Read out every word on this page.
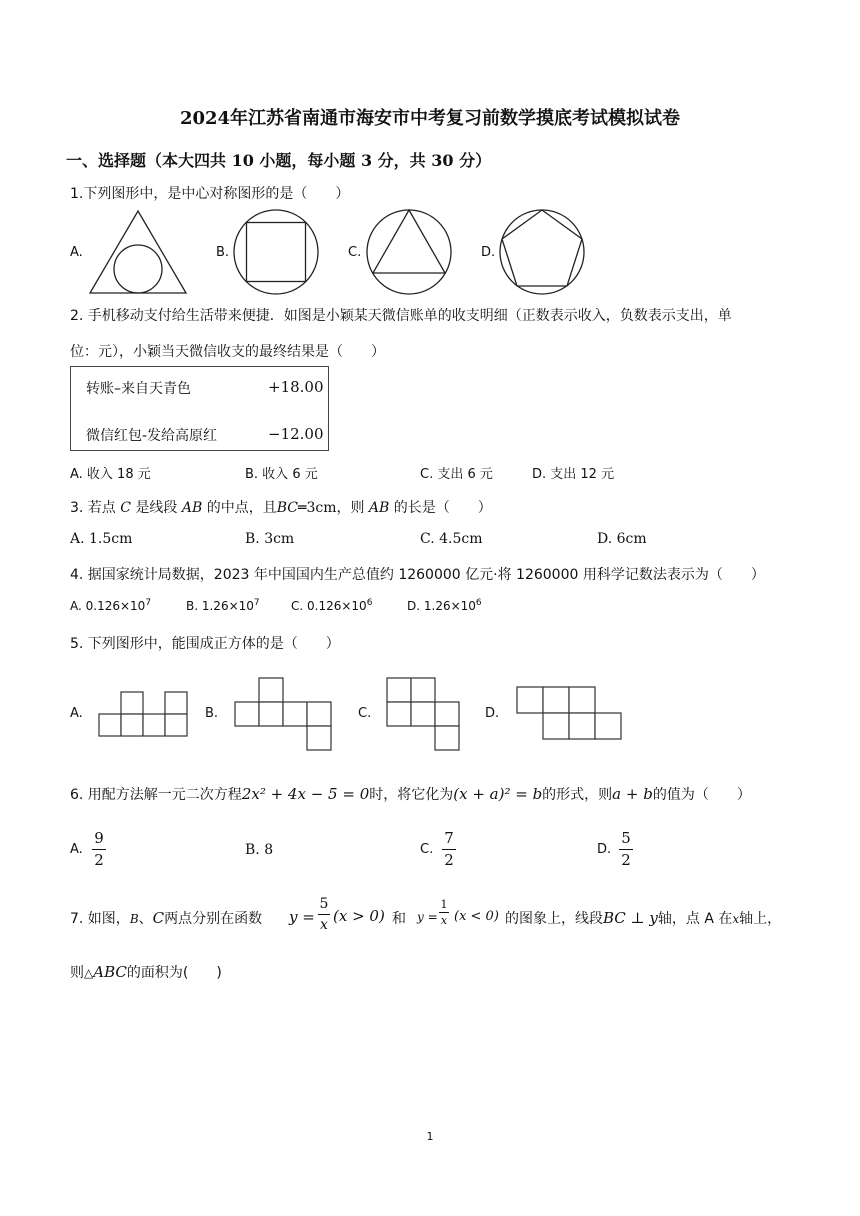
2024年江苏省南通市海安市中考复习前数学摸底考试模拟试卷
一、选择题（本大四共 10 小题，每小题 3 分，共 30 分）
1.下列图形中，是中心对称图形的是（　　）
A.	B.	C.	D.
2. 手机移动支付给生活带来便捷．如图是小颖某天微信账单的收支明细（正数表示收入，负数表示支出，单
位：元），小颖当天微信收支的最终结果是（　　）
转账–来自天青色	+18.00
微信红包-发给高原红	−12.00
A. 收入 18 元	B. 收入 6 元	C. 支出 6 元	D. 支出 12 元
3. 若点 C 是线段 AB 的中点，且BC═3cm，则 AB 的长是（　　）
A. 1.5cm	B. 3cm	C. 4.5cm	D. 6cm
4. 据国家统计局数据，2023 年中国国内生产总值约 1260000 亿元·将 1260000 用科学记数法表示为（　　）
A. $0.126\times 10^7$	B. $1.26\times 10^7$	C. $0.126\times 10^6$	D. $1.26\times 10^6$
5. 下列图形中，能围成正方体的是（　　）
A.	B.	C.	D.
6. 用配方法解一元二次方程2x² + 4x − 5 = 0时，将它化为(x + a)² = b的形式，则a + b的值为（　　）
A.
9
2
B. 8	C.
7
2
D.
5
2
7. 如图，B、C两点分别在函数 y =
5
x (x > 0) 和 y =
1
x (x < 0) 的图象上，线段BC ⊥ y轴，点 A 在x轴上，
则△ABC的面积为(　　)
1
